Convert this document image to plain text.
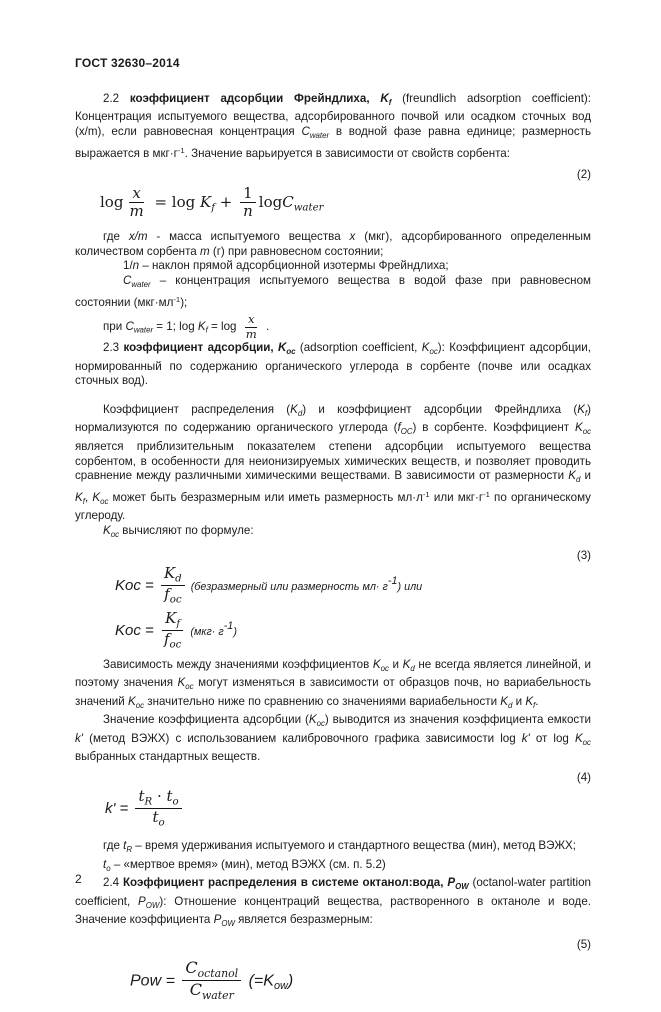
ГОСТ 32630–2014

2.2 коэффициент адсорбции Фрейндлиха, $K_f$ (freundlich adsorption coefficient): Концентрация испытуемого вещества, адсорбированного почвой или осадком сточных вод (x/m), если равновесная концентрация $C_{water}$ в водной фазе равна единице; размерность выражается в $мкг\cdot г^{-1}$. Значение варьируется в зависимости от свойств сорбента:

(2)
$\log \frac{x}{m} = \log K_f + \frac{1}{n} \log C_{water}$

где x/m - масса испытуемого вещества x (мкг), адсорбированного определенным количеством сорбента m (г) при равновесном состоянии;

1/n – наклон прямой адсорбционной изотермы Фрейндлиха;

$C_{water}$ – концентрация испытуемого вещества в водой фазе при равновесном состоянии $(мкг\cdot мл^{-1})$;

при $C_{water} = 1$; $\log K_f = \log \frac{x}{m}$ .

2.3 коэффициент адсорбции, $K_{oc}$ (adsorption coefficient, $K_{oc}$): Коэффициент адсорбции, нормированный по содержанию органического углерода в сорбенте (почве или осадках сточных вод).

Коэффициент распределения $(K_d)$ и коэффициент адсорбции Фрейндлиха $(K_f)$ нормализуются по содержанию органического углерода $(f_{OC})$ в сорбенте. Коэффициент $K_{oc}$ является приблизительным показателем степени адсорбции испытуемого вещества сорбентом, в особенности для неионизируемых химических веществ, и позволяет проводить сравнение между различными химическими веществами. В зависимости от размерности $K_d$ и $K_f$, $K_{oc}$ может быть безразмерным или иметь размерность $мл\cdot л^{-1}$ или $мкг\cdot г^{-1}$ по органическому углероду.

$K_{oc}$ вычисляют по формуле:

(3)
Koc = $\frac{K_d}{f_{oc}}$ (безразмерный или размерность $мл\cdot г^{-1}$) или
Koc = $\frac{K_f}{f_{oc}} (мкг\cdot г^{-1})$

Зависимость между значениями коэффициентов $K_{oc}$ и $K_d$ не всегда является линейной, и поэтому значения $K_{oc}$ могут изменяться в зависимости от образцов почв, но вариабельность значений $K_{oc}$ значительно ниже по сравнению со значениями вариабельности $K_d$ и $K_f$.

Значение коэффициента адсорбции $(K_{oc})$ выводится из значения коэффициента емкости k' (метод ВЭЖХ) с использованием калибровочного графика зависимости log k' от $\log K_{oc}$ выбранных стандартных веществ.

(4)
$k' = \frac{t_R \cdot t_o}{t_o}$

где $t_R$ – время удерживания испытуемого и стандартного вещества (мин), метод ВЭЖХ;

$t_o$ – «мертвое время» (мин), метод ВЭЖХ (см. п. 5.2)

2.4 Коэффициент распределения в системе октанол:вода, $P_{OW}$ (octanol-water partition coefficient, $P_{OW}$): Отношение концентраций вещества, растворенного в октаноле и воде. Значение коэффициента $P_{OW}$ является безразмерным:

(5)
Pow = $\frac{C_{octanol}}{C_{water}} (=K_{ow})$
2
